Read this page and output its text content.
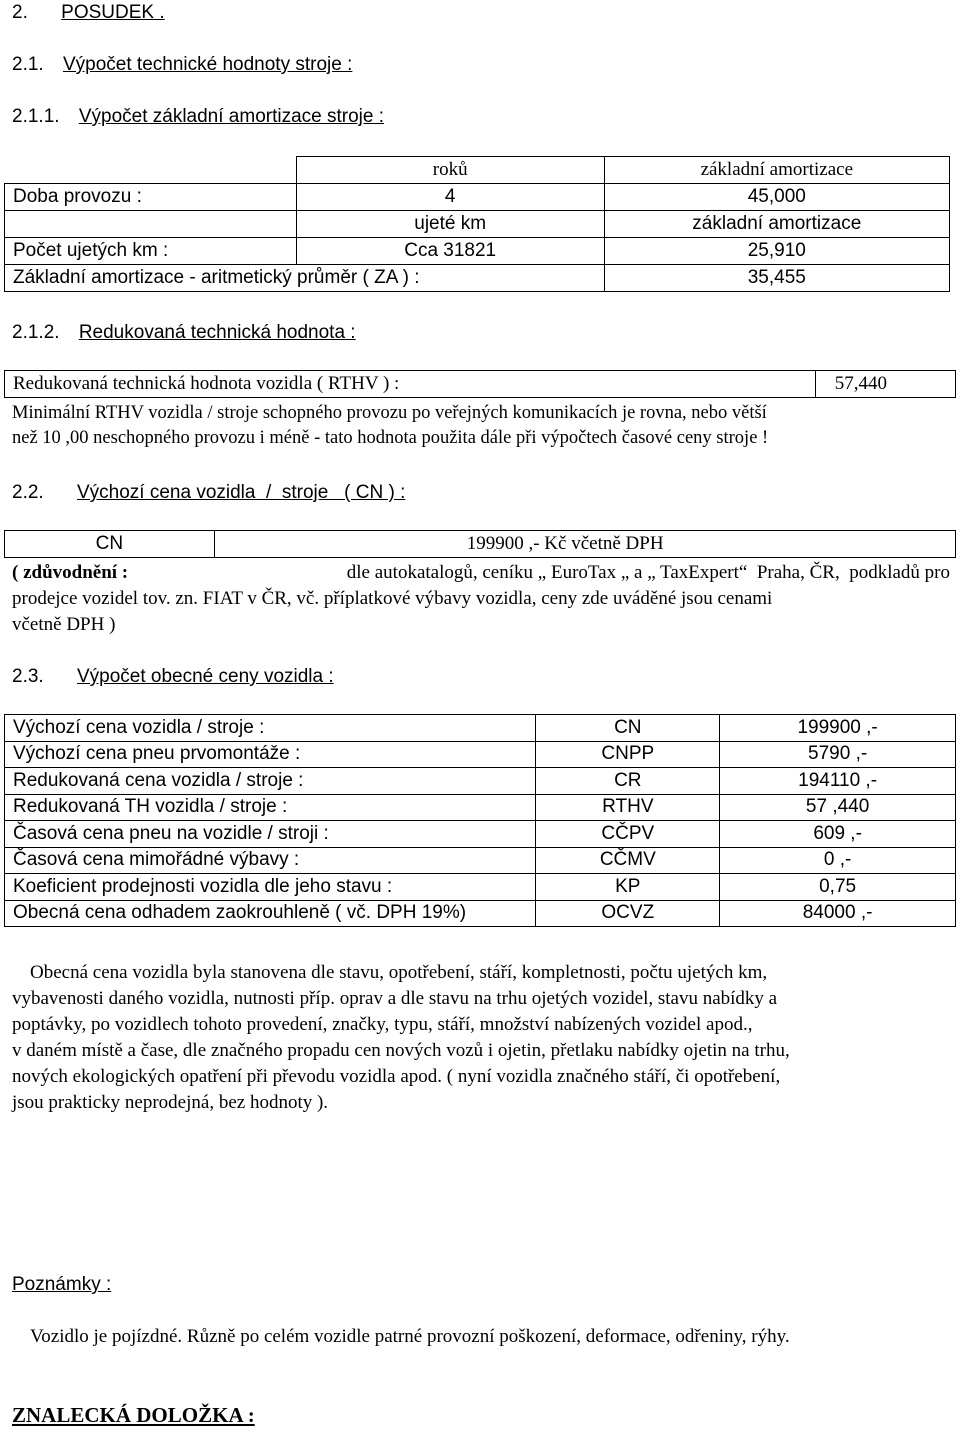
2. POSUDEK .
2.1. Výpočet technické hodnoty stroje :
2.1.1. Výpočet základní amortizace stroje :
	roků	základní amortizace
Doba provozu :	4	45,000
	ujeté km	základní amortizace
Počet ujetých km :	Cca 31821	25,910
Základní amortizace - aritmetický průměr ( ZA ) :		35,455
2.1.2. Redukovaná technická hodnota :
Redukovaná technická hodnota vozidla ( RTHV ) :	57,440
Minimální RTHV vozidla / stroje schopného provozu po veřejných komunikacích je rovna, nebo větší
než 10 ,00 neschopného provozu i méně - tato hodnota použita dále při výpočtech časové ceny stroje !
2.2. Výchozí cena vozidla  /  stroje   ( CN ) :
CN	199900 ,- Kč včetně DPH
( zdůvodnění :	dle autokatalogů, ceníku „ EuroTax „ a „ TaxExpert“  Praha, ČR,  podkladů pro
prodejce vozidel tov. zn. FIAT v ČR, vč. příplatkové výbavy vozidla, ceny zde uváděné jsou cenami
včetně DPH )
2.3. Výpočet obecné ceny vozidla :
Výchozí cena vozidla / stroje :	CN	199900 ,-
Výchozí cena pneu prvomontáže :	CNPP	5790 ,-
Redukovaná cena vozidla / stroje :	CR	194110 ,-
Redukovaná TH vozidla / stroje :	RTHV	57 ,440
Časová cena pneu na vozidle / stroji :	CČPV	609 ,-
Časová cena mimořádné výbavy :	CČMV	0 ,-
Koeficient prodejnosti vozidla dle jeho stavu :	KP	0,75
Obecná cena odhadem zaokrouhleně ( vč. DPH 19%)	OCVZ	84000 ,-
Obecná cena vozidla byla stanovena dle stavu, opotřebení, stáří, kompletnosti, počtu ujetých km,
vybavenosti daného vozidla, nutnosti příp. oprav a dle stavu na trhu ojetých vozidel, stavu nabídky a
poptávky, po vozidlech tohoto provedení, značky, typu, stáří, množství nabízených vozidel apod.,
v daném místě a čase, dle značného propadu cen nových vozů i ojetin, přetlaku nabídky ojetin na trhu,
nových ekologických opatření při převodu vozidla apod. ( nyní vozidla značného stáří, či opotřebení,
jsou prakticky neprodejná, bez hodnoty ).
Poznámky :
Vozidlo je pojízdné. Různě po celém vozidle patrné provozní poškození, deformace, odřeniny, rýhy.
ZNALECKÁ DOLOŽKA :
